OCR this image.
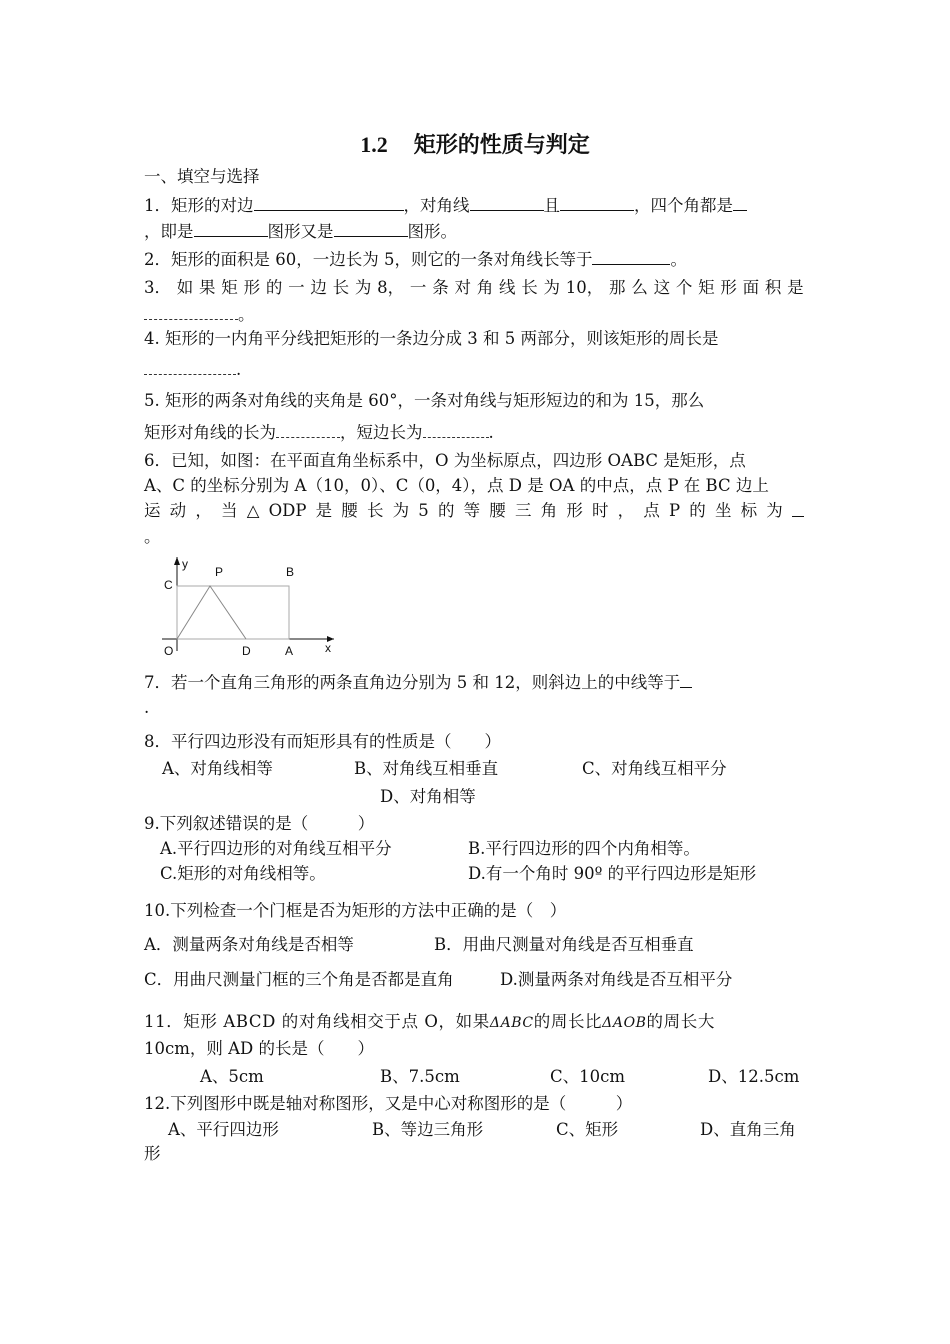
1.2 矩形的性质与判定
一、填空与选择
1．矩形的对边	，对角线	且	，四个角都是
，即是	图形又是	图形。
2．矩形的面积是 60，一边长为 5，则它的一条对角线长等于	。
3． 如 果 矩 形 的 一 边 长 为 8， 一 条 对 角 线 长 为 10， 那 么 这 个 矩 形 面 积 是
。
4. 矩形的一内角平分线把矩形的一条边分成 3 和 5 两部分，则该矩形的周长是
.
5. 矩形的两条对角线的夹角是 60°，一条对角线与矩形短边的和为 15，那么
矩形对角线的长为	，短边长为	.
6．已知，如图：在平面直角坐标系中，O 为坐标原点，四边形 OABC 是矩形，点
A、C 的坐标分别为 A（10，0）、C（0，4），点 D 是 OA 的中点，点 P 在 BC 边上
运 动 ， 当 △ ODP 是 腰 长 为 5 的 等 腰 三 角 形 时 ， 点 P 的 坐 标 为
。
y
C
P	B
O	D	A	x
7．若一个直角三角形的两条直角边分别为 5 和 12，则斜边上的中线等于
.
8．平行四边形没有而矩形具有的性质是（　　）
A、对角线相等	B、对角线互相垂直	C、对角线互相平分
D、对角相等
9.下列叙述错误的是（　　　）
A.平行四边形的对角线互相平分	B.平行四边形的四个内角相等。
C.矩形的对角线相等。	D.有一个角时 90º 的平行四边形是矩形
10.下列检查一个门框是否为矩形的方法中正确的是（　）
A．测量两条对角线是否相等	B．用曲尺测量对角线是否互相垂直
C．用曲尺测量门框的三个角是否都是直角	D.测量两条对角线是否互相平分
11．矩形 ABCD 的对角线相交于点 O，如果ΔABC的周长比ΔAOB的周长大
10cm，则 AD 的长是（　　）
A、5cm	B、7.5cm	C、10cm	D、12.5cm
12.下列图形中既是轴对称图形，又是中心对称图形的是（　　　）
A、平行四边形	B、等边三角形	C、矩形	D、直角三角
形
